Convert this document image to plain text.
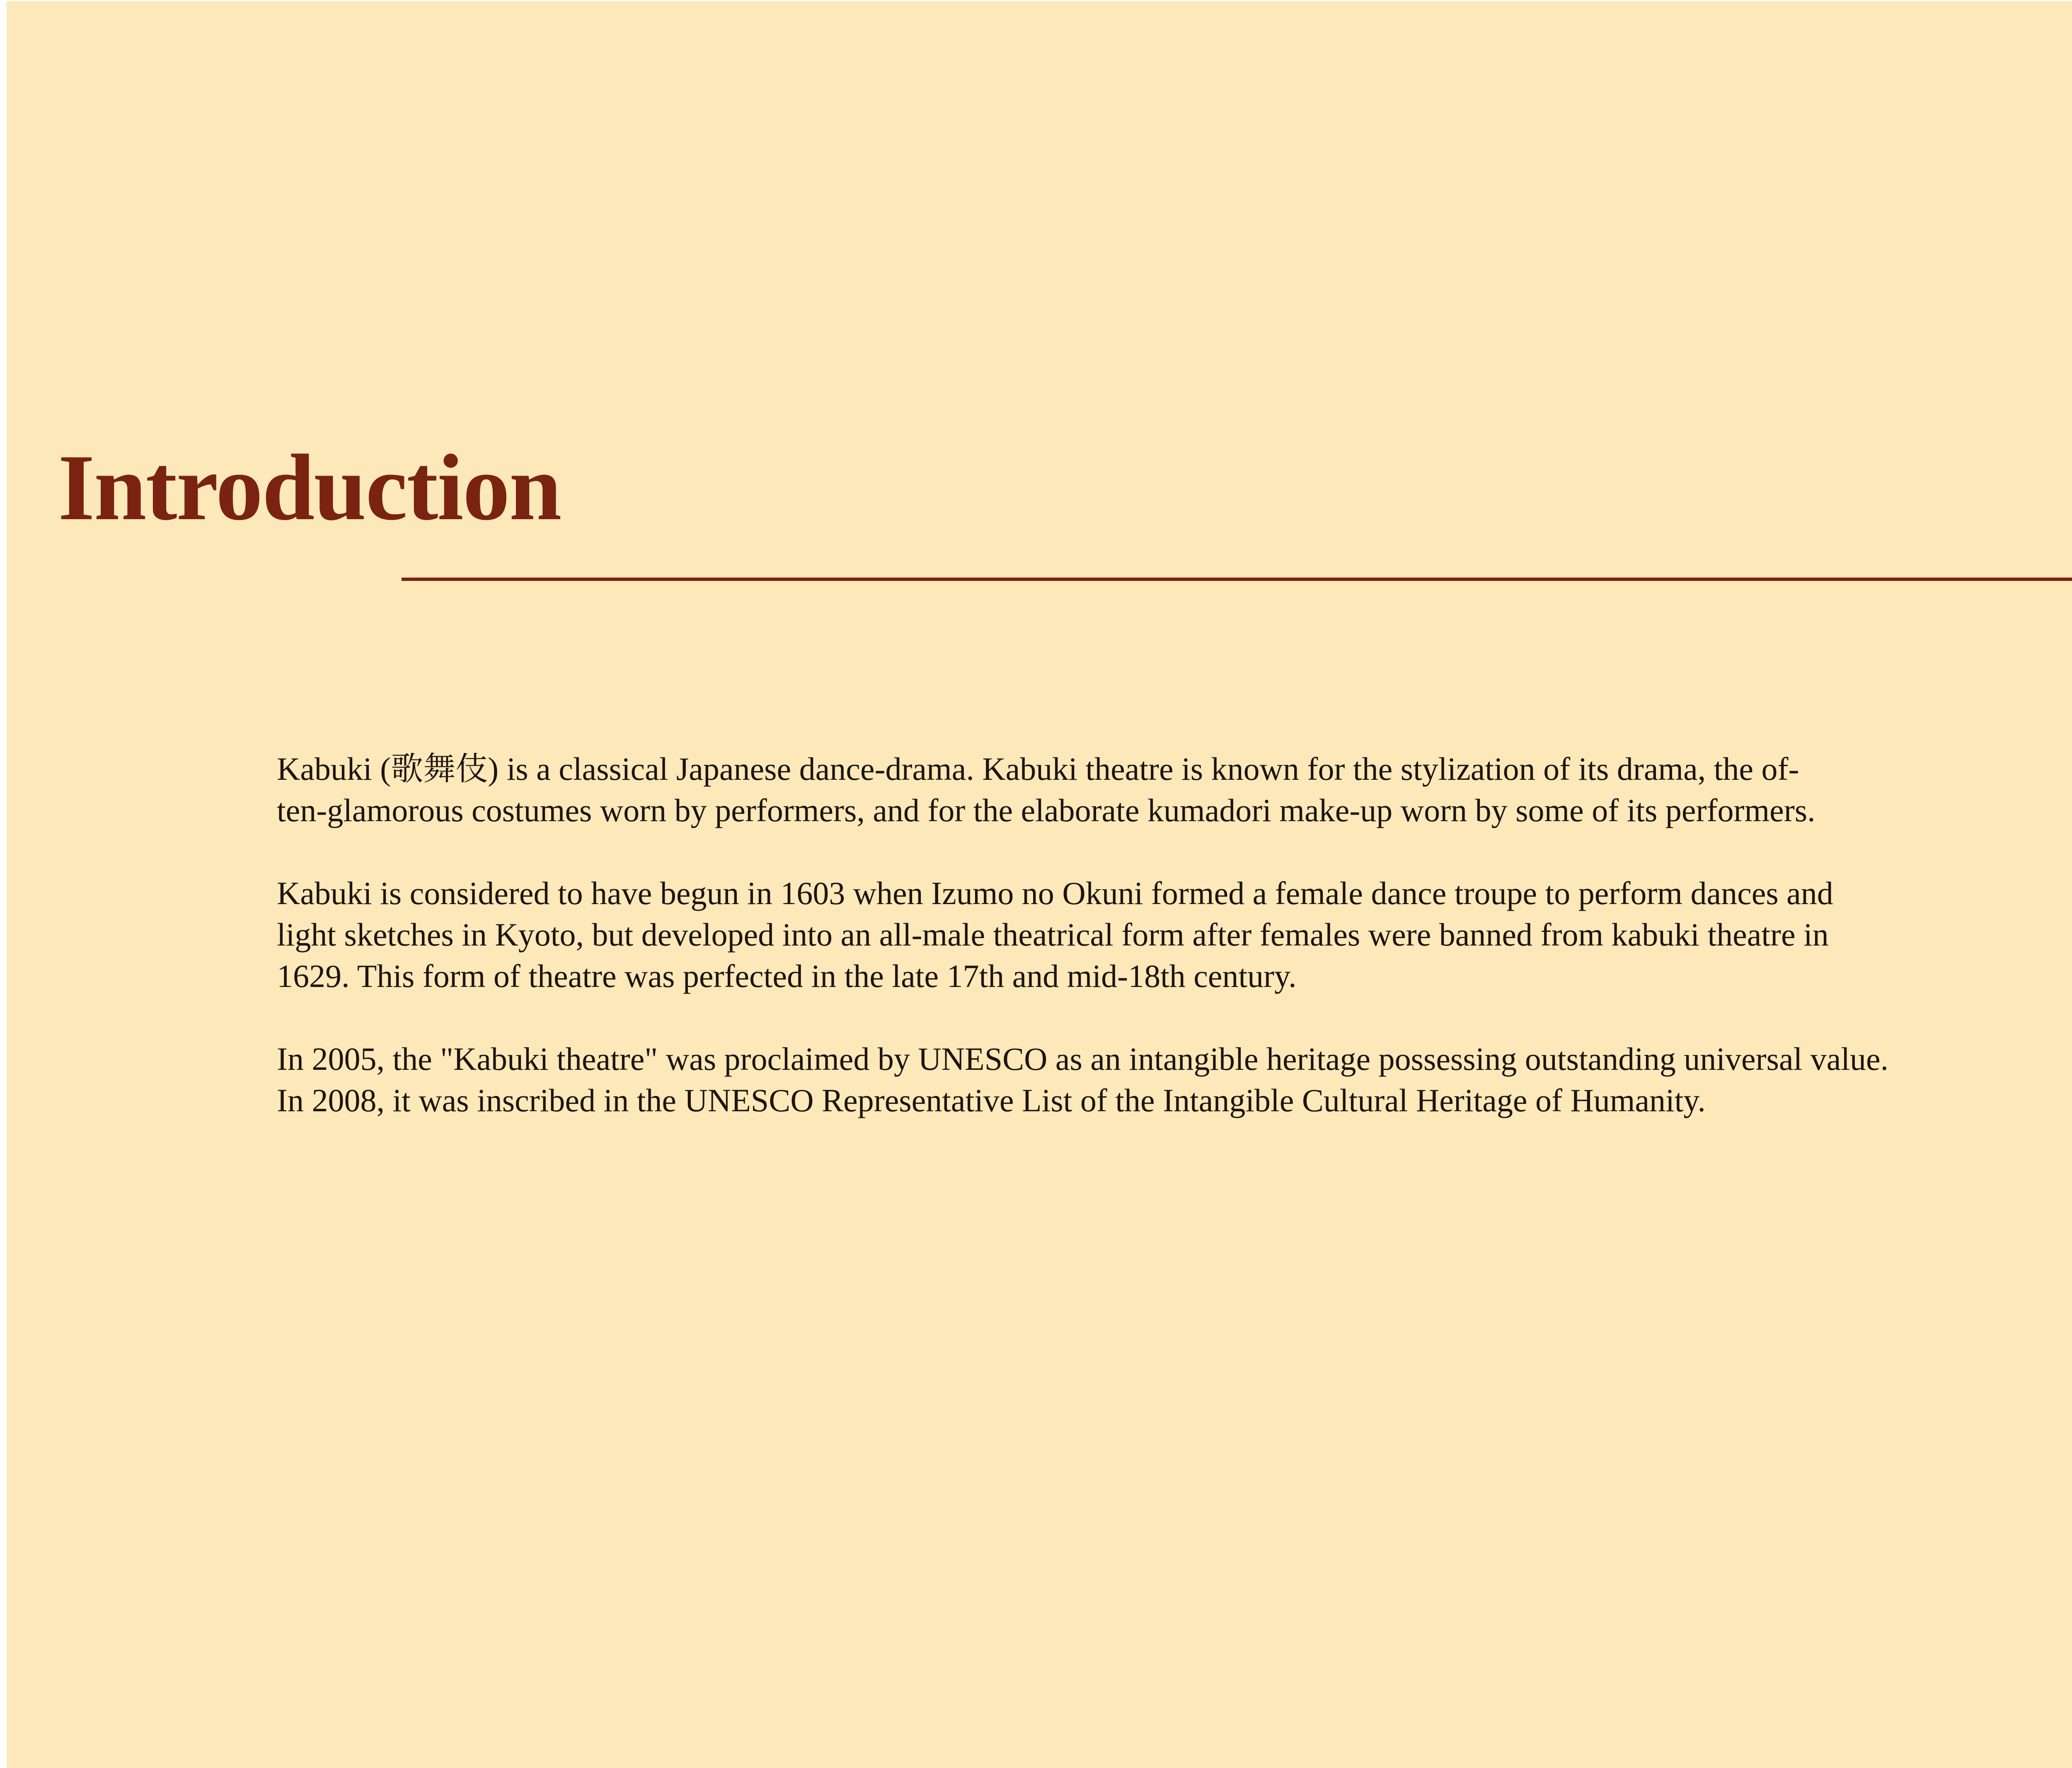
Introduction

Kabuki (歌舞伎) is a classical Japanese dance-drama. Kabuki theatre is known for the stylization of its drama, the of-
ten-glamorous costumes worn by performers, and for the elaborate kumadori make-up worn by some of its performers.

Kabuki is considered to have begun in 1603 when Izumo no Okuni formed a female dance troupe to perform dances and
light sketches in Kyoto, but developed into an all-male theatrical form after females were banned from kabuki theatre in
1629. This form of theatre was perfected in the late 17th and mid-18th century.

In 2005, the "Kabuki theatre" was proclaimed by UNESCO as an intangible heritage possessing outstanding universal value.
In 2008, it was inscribed in the UNESCO Representative List of the Intangible Cultural Heritage of Humanity.
